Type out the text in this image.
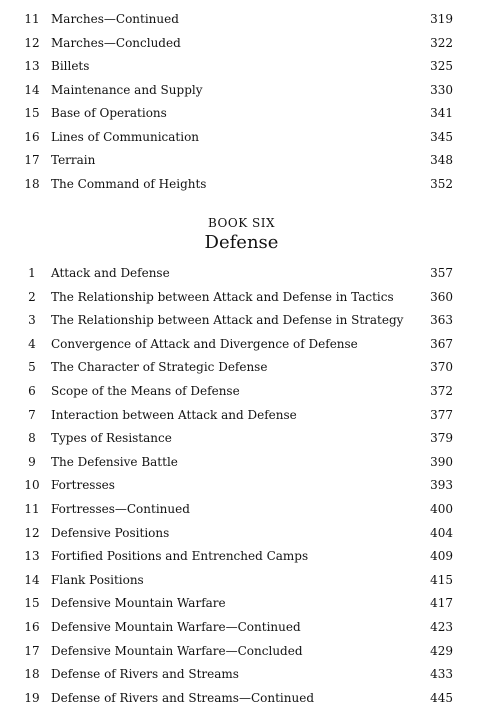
11 Marches—Continued	319
12 Marches—Concluded	322
13 Billets	325
14 Maintenance and Supply	330
15 Base of Operations	341
16 Lines of Communication	345
17 Terrain	348
18 The Command of Heights	352
BOOK SIX
Defense
1	Attack and Defense	357
2	The Relationship between Attack and Defense in Tactics	360
3	The Relationship between Attack and Defense in Strategy 363
4	Convergence of Attack and Divergence of Defense	367
5	The Character of Strategic Defense	370
6	Scope of the Means of Defense	372
7	Interaction between Attack and Defense	377
8	Types of Resistance	379
9	The Defensive Battle	390
10 Fortresses	393
11 Fortresses—Continued	400
12 Defensive Positions	404
13 Fortified Positions and Entrenched Camps	409
14 Flank Positions	415
15 Defensive Mountain Warfare	417
16 Defensive Mountain Warfare—Continued	423
17 Defensive Mountain Warfare—Concluded	429
18 Defense of Rivers and Streams	433
19 Defense of Rivers and Streams—Continued	445
